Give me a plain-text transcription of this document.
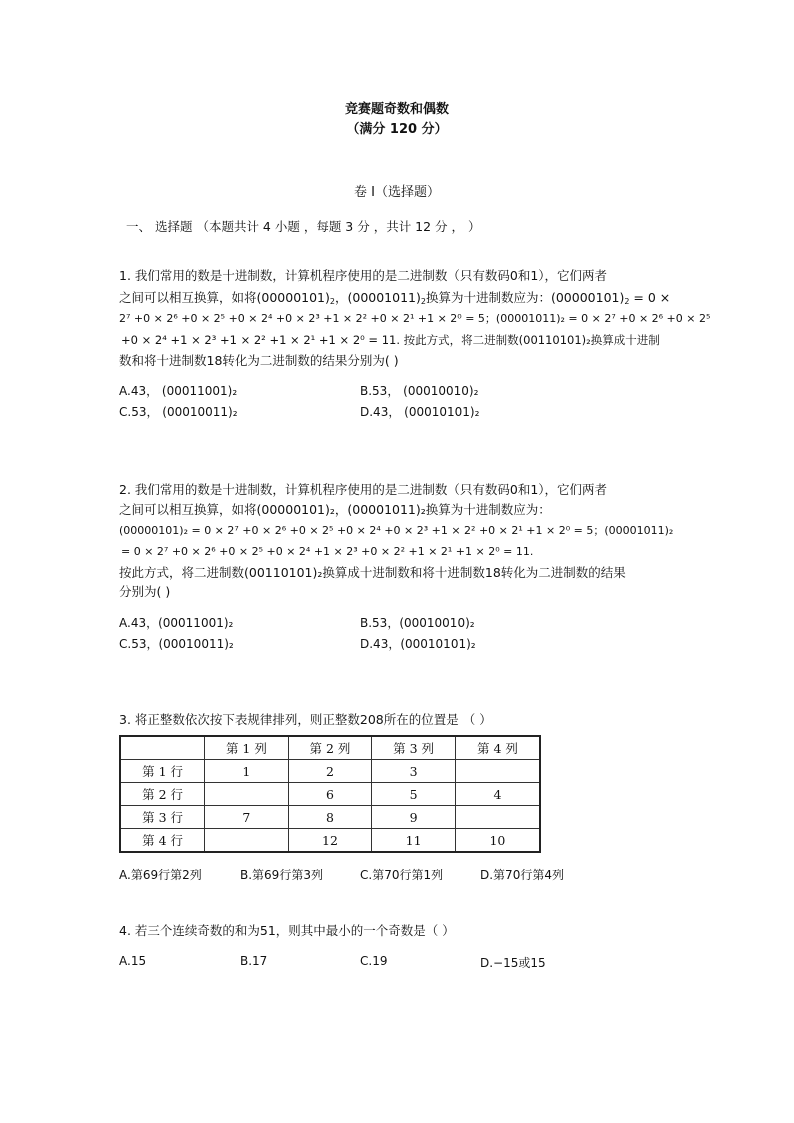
竞赛题奇数和偶数
（满分 120 分）
卷 I（选择题）
一、 选择题 （本题共计 4 小题 ，每题 3 分 ，共计 12 分 ， ）
1. 我们常用的数是十进制数，计算机程序使用的是二进制数（只有数码0和1），它们两者
之间可以相互换算，如将$(00000101)_2$，$(00001011)_2$换算为十进制数应为：$(00000101)_2 = 0$ ×
2⁷ +0 × 2⁶ +0 × 2⁵ +0 × 2⁴ +0 × 2³ +1 × 2² +0 × 2¹ +1 × 2⁰ = 5；(00001011)₂ = 0 × 2⁷ +0 × 2⁶ +0 × 2⁵
+0 × 2⁴ +1 × 2³ +1 × 2² +1 × 2¹ +1 × 2⁰ = 11. 按此方式，将二进制数(00110101)₂换算成十进制
数和将十进制数18转化为二进制数的结果分别为( )
A.43， (00011001)₂	B.53， (00010010)₂
C.53， (00010011)₂	D.43， (00010101)₂
2. 我们常用的数是十进制数，计算机程序使用的是二进制数（只有数码0和1），它们两者
之间可以相互换算，如将(00000101)₂，(00001011)₂换算为十进制数应为：
(00000101)₂ = 0 × 2⁷ +0 × 2⁶ +0 × 2⁵ +0 × 2⁴ +0 × 2³ +1 × 2² +0 × 2¹ +1 × 2⁰ = 5；(00001011)₂
= 0 × 2⁷ +0 × 2⁶ +0 × 2⁵ +0 × 2⁴ +1 × 2³ +0 × 2² +1 × 2¹ +1 × 2⁰ = 11.
按此方式，将二进制数(00110101)₂换算成十进制数和将十进制数18转化为二进制数的结果
分别为( )
A.43，(00011001)₂	B.53，(00010010)₂
C.53，(00010011)₂	D.43，(00010101)₂
3. 将正整数依次按下表规律排列，则正整数208所在的位置是 （ ）
	第 1 列	第 2 列	第 3 列	第 4 列
第 1 行	1	2	3	
第 2 行		6	5	4
第 3 行	7	8	9	
第 4 行		12	11	10
A.第69行第2列	B.第69行第3列	C.第70行第1列	D.第70行第4列
4. 若三个连续奇数的和为51，则其中最小的一个奇数是（ ）
A.15	B.17	C.19	D.−15或15
